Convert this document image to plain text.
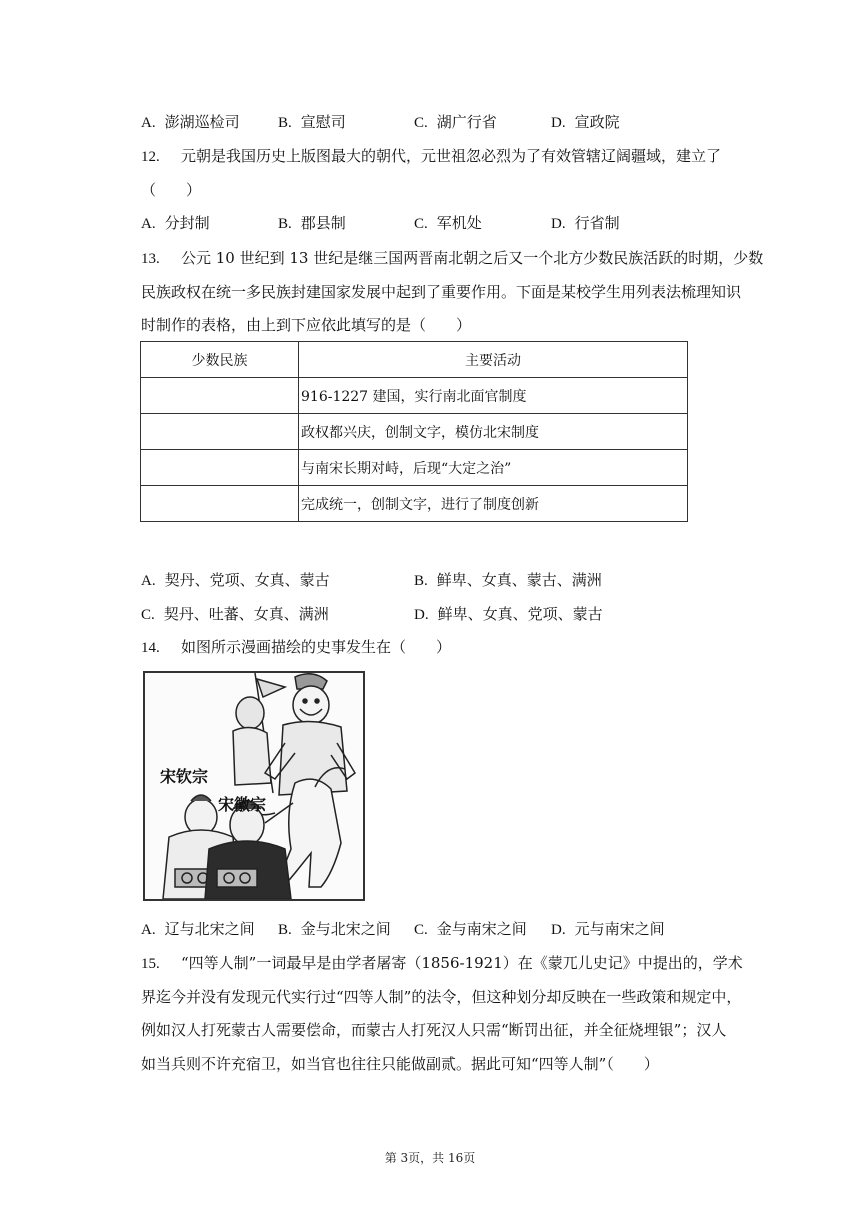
A. 澎湖巡检司	B. 宣慰司	C. 湖广行省	D. 宣政院
12. 元朝是我国历史上版图最大的朝代，元世祖忽必烈为了有效管辖辽阔疆域，建立了
（　　）
A. 分封制	B. 郡县制	C. 军机处	D. 行省制
13. 公元 10 世纪到 13 世纪是继三国两晋南北朝之后又一个北方少数民族活跃的时期，少数
民族政权在统一多民族封建国家发展中起到了重要作用。下面是某校学生用列表法梳理知识
时制作的表格，由上到下应依此填写的是（　　）
少数民族	主要活动
	916-1227 建国，实行南北面官制度
	政权都兴庆，创制文字，模仿北宋制度
	与南宋长期对峙，后现“大定之治”
	完成统一，创制文字，进行了制度创新
A. 契丹、党项、女真、蒙古	B. 鲜卑、女真、蒙古、满洲
C. 契丹、吐蕃、女真、满洲	D. 鲜卑、女真、党项、蒙古
14. 如图所示漫画描绘的史事发生在（　　）
宋钦宗
宋徽宗
A. 辽与北宋之间 B. 金与北宋之间 C. 金与南宋之间 D. 元与南宋之间
15. “四等人制”一词最早是由学者屠寄（1856-1921）在《蒙兀儿史记》中提出的，学术
界迄今并没有发现元代实行过“四等人制”的法令，但这种划分却反映在一些政策和规定中，
例如汉人打死蒙古人需要偿命，而蒙古人打死汉人只需“断罚出征，并全征烧埋银”；汉人
如当兵则不许充宿卫，如当官也往往只能做副贰。据此可知“四等人制”（　　）
第 3页，共 16页
